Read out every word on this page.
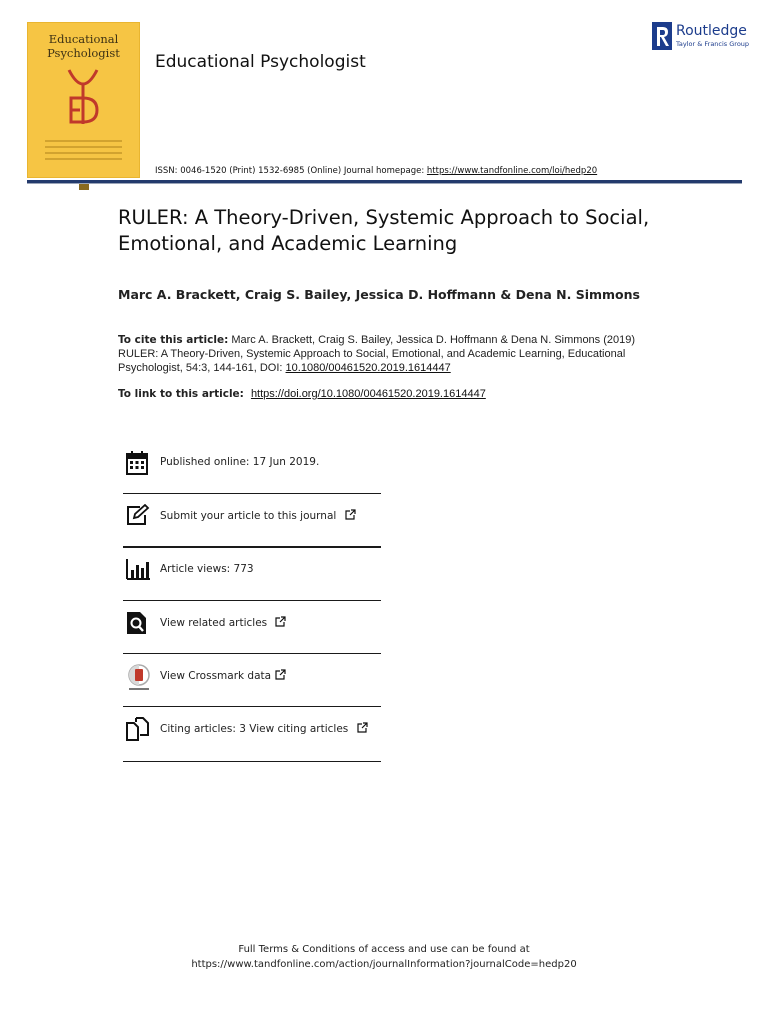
Educational
Psychologist	Educational Psychologist
Routledge
Taylor & Francis Group
ISSN: 0046-1520 (Print) 1532-6985 (Online) Journal homepage: https://www.tandfonline.com/loi/hedp20
RULER: A Theory-Driven, Systemic Approach to Social, Emotional, and Academic Learning
Marc A. Brackett, Craig S. Bailey, Jessica D. Hoffmann & Dena N. Simmons
To cite this article: Marc A. Brackett, Craig S. Bailey, Jessica D. Hoffmann & Dena N. Simmons (2019) RULER: A Theory-Driven, Systemic Approach to Social, Emotional, and Academic Learning, Educational Psychologist, 54:3, 144-161, DOI: 10.1080/00461520.2019.1614447
To link to this article: https://doi.org/10.1080/00461520.2019.1614447
Published online: 17 Jun 2019.
Submit your article to this journal
Article views: 773
View related articles
View Crossmark data
Citing articles: 3 View citing articles
Full Terms & Conditions of access and use can be found at
https://www.tandfonline.com/action/journalInformation?journalCode=hedp20
